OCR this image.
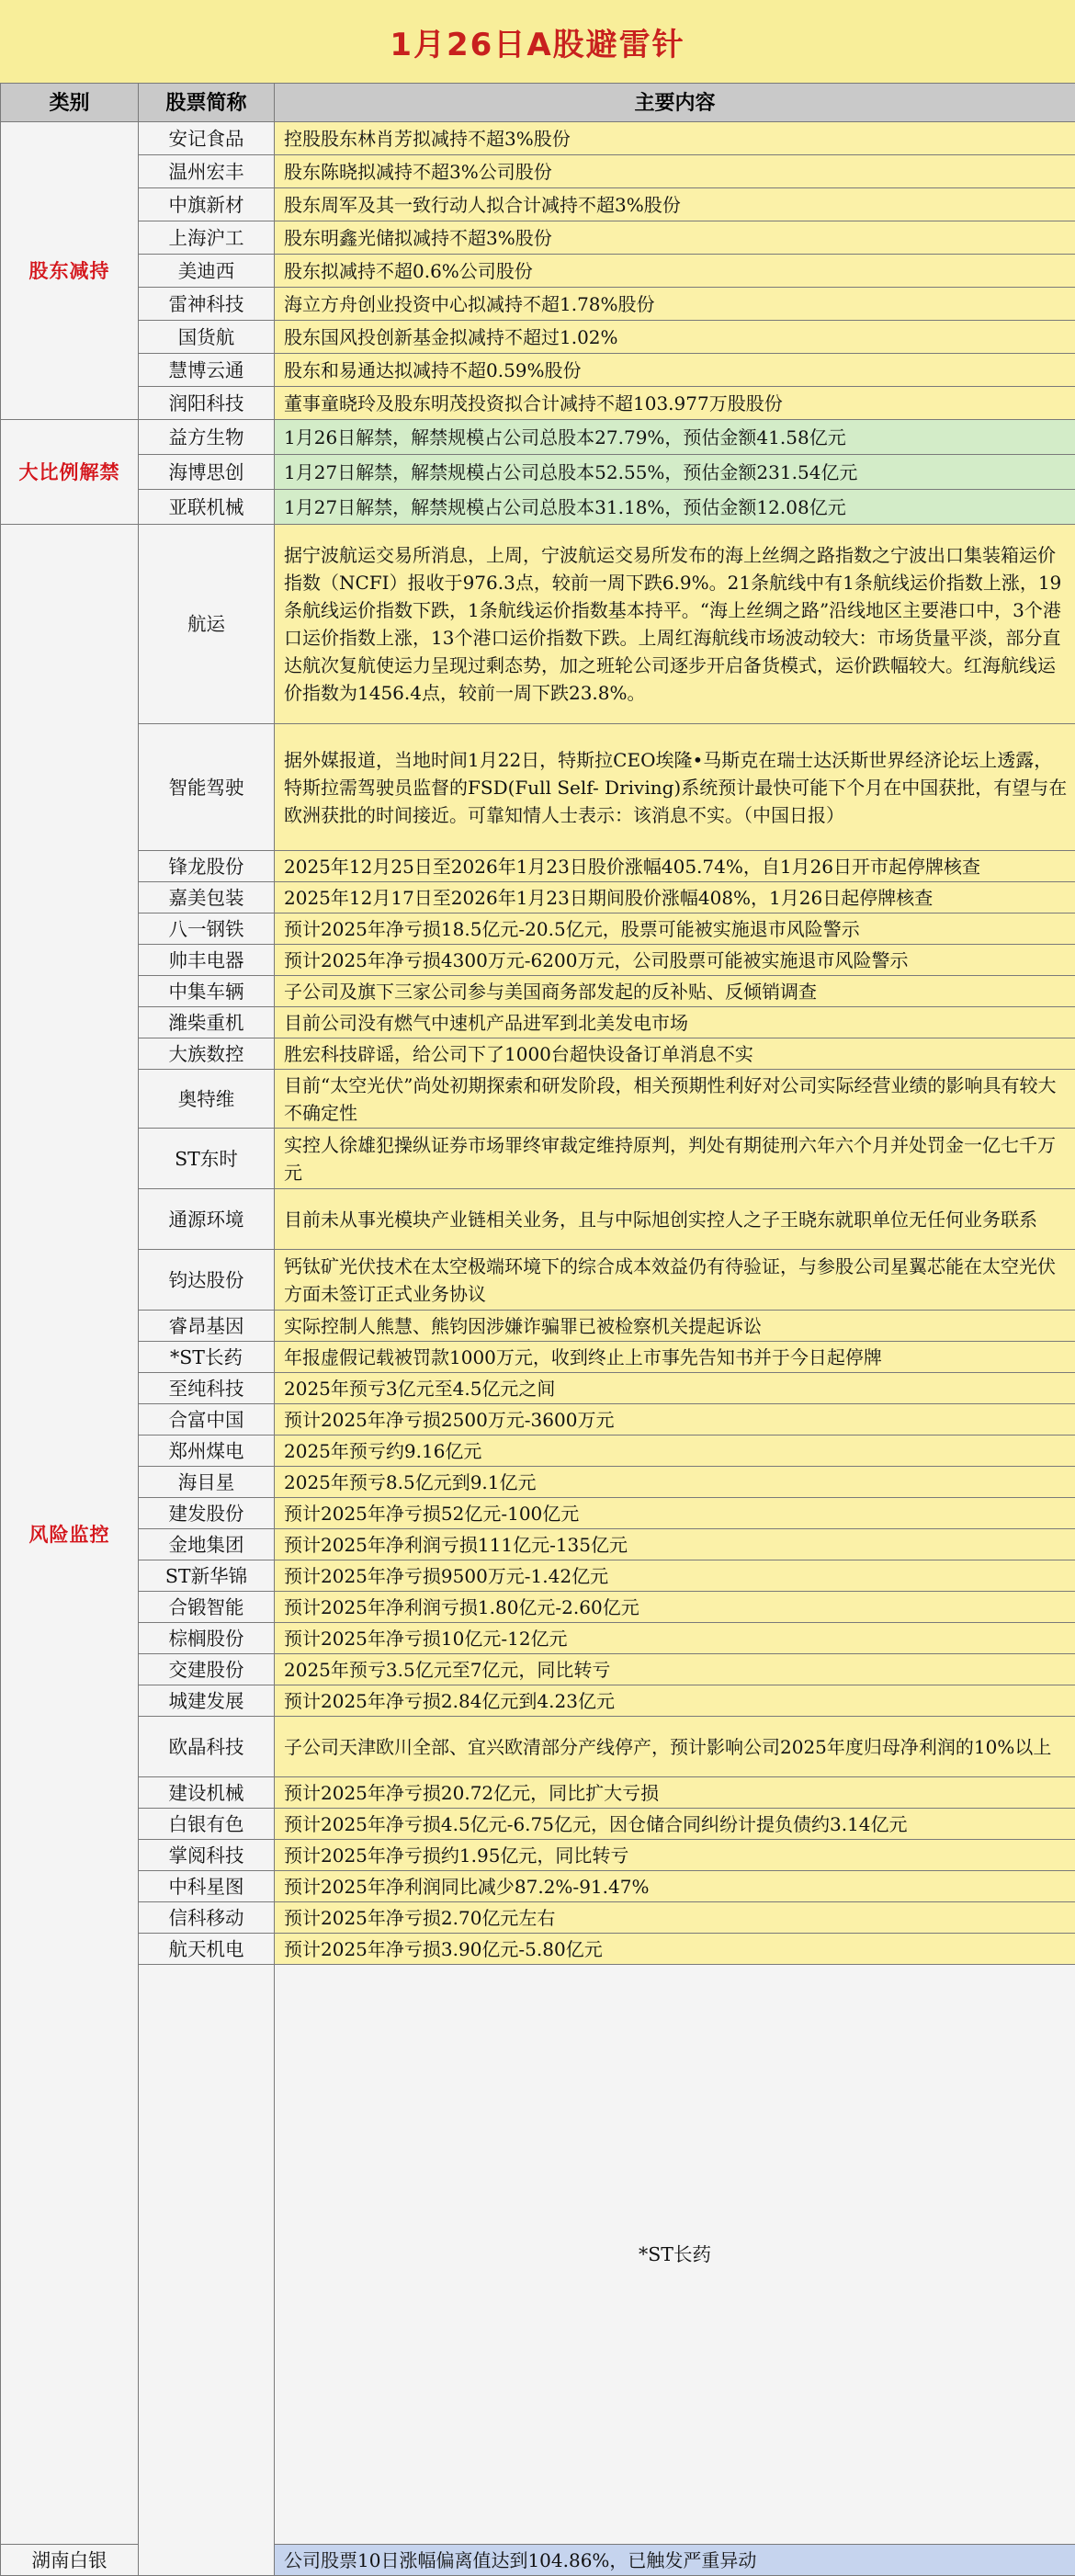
1月26日A股避雷针
类别	股票简称	主要内容	
股东减持	安记食品	控股股东林肖芳拟减持不超3%股份	
	温州宏丰	股东陈晓拟减持不超3%公司股份	
	中旗新材	股东周军及其一致行动人拟合计减持不超3%股份	
	上海沪工	股东明鑫光储拟减持不超3%股份	
	美迪西	股东拟减持不超0.6%公司股份	
	雷神科技	海立方舟创业投资中心拟减持不超1.78%股份	
	国货航	股东国风投创新基金拟减持不超过1.02%	
	慧博云通	股东和易通达拟减持不超0.59%股份	
	润阳科技	董事童晓玲及股东明茂投资拟合计减持不超103.977万股股份	
大比例解禁	益方生物	1月26日解禁，解禁规模占公司总股本27.79%，预估金额41.58亿元	
	海博思创	1月27日解禁，解禁规模占公司总股本52.55%，预估金额231.54亿元	
	亚联机械	1月27日解禁，解禁规模占公司总股本31.18%，预估金额12.08亿元	
风险监控	航运	据宁波航运交易所消息，上周，宁波航运交易所发布的海上丝绸之路指数之宁波出口集装箱运价指数（NCFI）报收于976.3点，较前一周下跌6.9%。21条航线中有1条航线运价指数上涨，19条航线运价指数下跌，1条航线运价指数基本持平。“海上丝绸之路”沿线地区主要港口中，3个港口运价指数上涨，13个港口运价指数下跌。上周红海航线市场波动较大：市场货量平淡，部分直达航次复航使运力呈现过剩态势，加之班轮公司逐步开启备货模式，运价跌幅较大。红海航线运价指数为1456.4点，较前一周下跌23.8%。	
	智能驾驶	据外媒报道，当地时间1月22日，特斯拉CEO埃隆•马斯克在瑞士达沃斯世界经济论坛上透露，特斯拉需驾驶员监督的FSD(Full Self- Driving)系统预计最快可能下个月在中国获批，有望与在欧洲获批的时间接近。可靠知情人士表示：该消息不实。（中国日报）	
	锋龙股份	2025年12月25日至2026年1月23日股价涨幅405.74%，自1月26日开市起停牌核查	
	嘉美包装	2025年12月17日至2026年1月23日期间股价涨幅408%，1月26日起停牌核查	
	八一钢铁	预计2025年净亏损18.5亿元-20.5亿元，股票可能被实施退市风险警示	
	帅丰电器	预计2025年净亏损4300万元-6200万元，公司股票可能被实施退市风险警示	
	中集车辆	子公司及旗下三家公司参与美国商务部发起的反补贴、反倾销调查	
	潍柴重机	目前公司没有燃气中速机产品进军到北美发电市场	
	大族数控	胜宏科技辟谣，给公司下了1000台超快设备订单消息不实	
	奥特维	目前“太空光伏”尚处初期探索和研发阶段，相关预期性利好对公司实际经营业绩的影响具有较大不确定性	
	ST东时	实控人徐雄犯操纵证券市场罪终审裁定维持原判，判处有期徒刑六年六个月并处罚金一亿七千万元	
	通源环境	目前未从事光模块产业链相关业务，且与中际旭创实控人之子王晓东就职单位无任何业务联系	
	钧达股份	钙钛矿光伏技术在太空极端环境下的综合成本效益仍有待验证，与参股公司星翼芯能在太空光伏方面未签订正式业务协议	
	睿昂基因	实际控制人熊慧、熊钧因涉嫌诈骗罪已被检察机关提起诉讼	
	*ST长药	年报虚假记载被罚款1000万元，收到终止上市事先告知书并于今日起停牌	
	至纯科技	2025年预亏3亿元至4.5亿元之间	
	合富中国	预计2025年净亏损2500万元-3600万元	
	郑州煤电	2025年预亏约9.16亿元	
	海目星	2025年预亏8.5亿元到9.1亿元	
	建发股份	预计2025年净亏损52亿元-100亿元	
	金地集团	预计2025年净利润亏损111亿元-135亿元	
	ST新华锦	预计2025年净亏损9500万元-1.42亿元	
	合锻智能	预计2025年净利润亏损1.80亿元-2.60亿元	
	棕榈股份	预计2025年净亏损10亿元-12亿元	
	交建股份	2025年预亏3.5亿元至7亿元，同比转亏	
	城建发展	预计2025年净亏损2.84亿元到4.23亿元	
	欧晶科技	子公司天津欧川全部、宜兴欧清部分产线停产，预计影响公司2025年度归母净利润的10%以上	
	建设机械	预计2025年净亏损20.72亿元，同比扩大亏损	
	白银有色	预计2025年净亏损4.5亿元-6.75亿元，因仓储合同纠纷计提负债约3.14亿元	
	掌阅科技	预计2025年净亏损约1.95亿元，同比转亏	
	中科星图	预计2025年净利润同比减少87.2%-91.47%	
	信科移动	预计2025年净亏损2.70亿元左右	
	航天机电	预计2025年净亏损3.90亿元-5.80亿元	
		*ST长药	
湖南白银		公司股票10日涨幅偏离值达到104.86%，已触发严重异动	
